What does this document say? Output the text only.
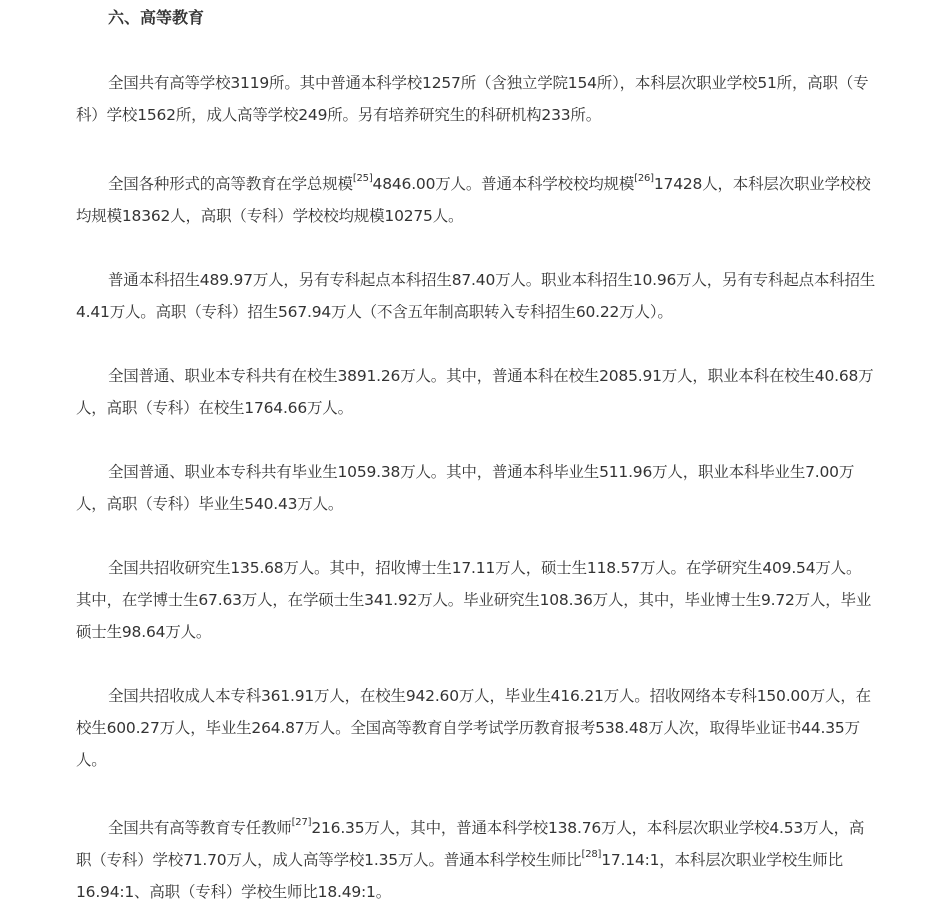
六、高等教育

全国共有高等学校3119所。其中普通本科学校1257所（含独立学院154所），本科层次职业学校51所，高职（专科）学校1562所，成人高等学校249所。另有培养研究生的科研机构233所。

全国各种形式的高等教育在学总规模[25]4846.00万人。普通本科学校校均规模[26]17428人，本科层次职业学校校均规模18362人，高职（专科）学校校均规模10275人。

普通本科招生489.97万人，另有专科起点本科招生87.40万人。职业本科招生10.96万人，另有专科起点本科招生4.41万人。高职（专科）招生567.94万人（不含五年制高职转入专科招生60.22万人）。

全国普通、职业本专科共有在校生3891.26万人。其中，普通本科在校生2085.91万人，职业本科在校生40.68万人，高职（专科）在校生1764.66万人。

全国普通、职业本专科共有毕业生1059.38万人。其中，普通本科毕业生511.96万人，职业本科毕业生7.00万人，高职（专科）毕业生540.43万人。

全国共招收研究生135.68万人。其中，招收博士生17.11万人，硕士生118.57万人。在学研究生409.54万人。其中，在学博士生67.63万人，在学硕士生341.92万人。毕业研究生108.36万人，其中，毕业博士生9.72万人，毕业硕士生98.64万人。

全国共招收成人本专科361.91万人，在校生942.60万人，毕业生416.21万人。招收网络本专科150.00万人，在校生600.27万人，毕业生264.87万人。全国高等教育自学考试学历教育报考538.48万人次，取得毕业证书44.35万人。

全国共有高等教育专任教师[27]216.35万人，其中，普通本科学校138.76万人，本科层次职业学校4.53万人，高职（专科）学校71.70万人，成人高等学校1.35万人。普通本科学校生师比[28]17.14:1，本科层次职业学校生师比16.94:1、高职（专科）学校生师比18.49:1。
